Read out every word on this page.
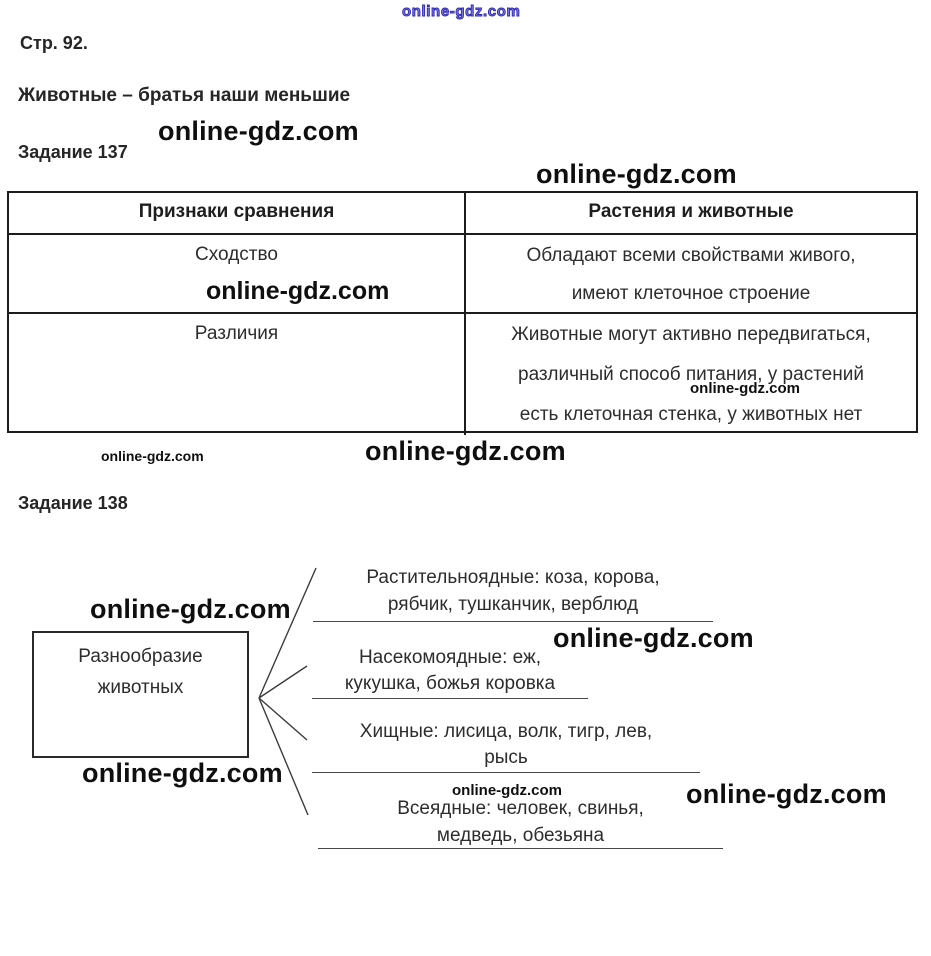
online-gdz.com
online-gdz.com
online-gdz.com
online-gdz.com
online-gdz.com
online-gdz.com	online-gdz.com
online-gdz.com
online-gdz.com
online-gdz.com
online-gdz.com	online-gdz.com
Стр. 92.
Животные – братья наши меньшие
Задание 137
Задание 138
Признаки сравнения	Растения и животные
Сходство	Обладают всеми свойствами живого,
имеют клеточное строение
Различия	Животные могут активно передвигаться,
различный способ питания, у растений
есть клеточная стенка, у животных нет
Разнообразие
животных
Растительноядные: коза, корова,
рябчик, тушканчик, верблюд
Насекомоядные: еж,
кукушка, божья коровка
Хищные: лисица, волк, тигр, лев,
рысь
Всеядные: человек, свинья,
медведь, обезьяна
